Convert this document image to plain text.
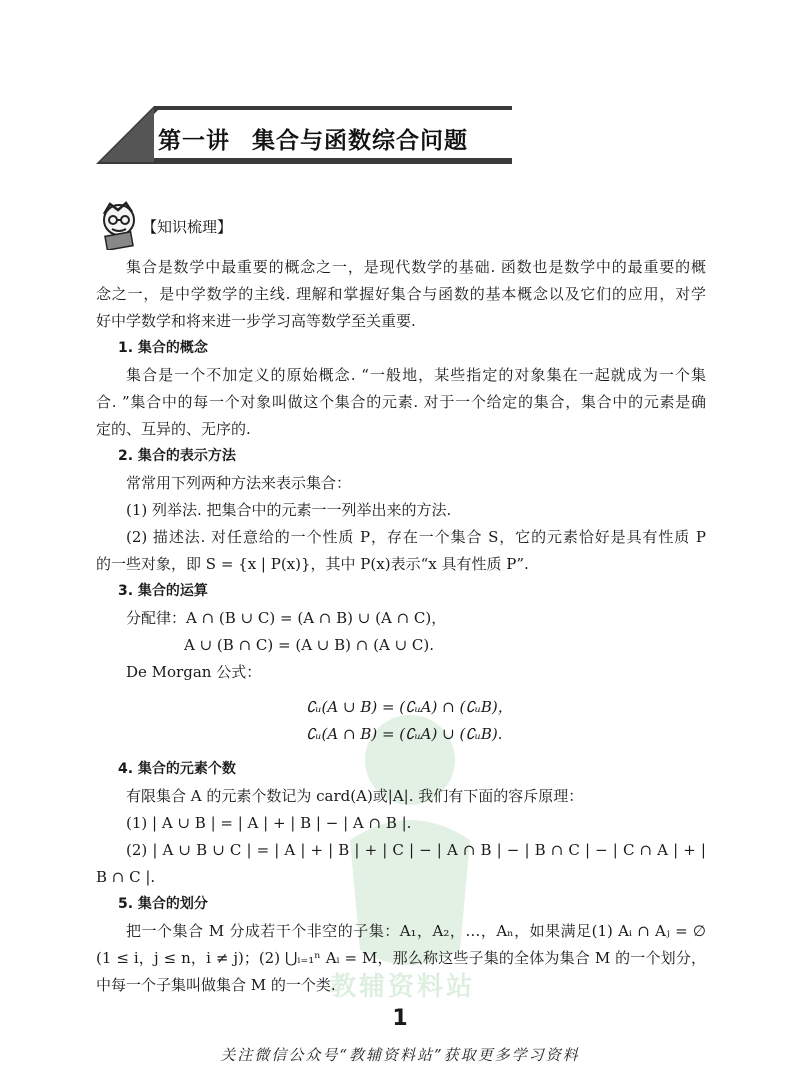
第一讲 集合与函数综合问题
【知识梳理】
教辅资料站
集合是数学中最重要的概念之一，是现代数学的基础. 函数也是数学中的最重要的概
念之一，是中学数学的主线. 理解和掌握好集合与函数的基本概念以及它们的应用，对学
好中学数学和将来进一步学习高等数学至关重要.
1. 集合的概念
集合是一个不加定义的原始概念. “一般地，某些指定的对象集在一起就成为一个集
合. ”集合中的每一个对象叫做这个集合的元素. 对于一个给定的集合，集合中的元素是确
定的、互异的、无序的.
2. 集合的表示方法
常常用下列两种方法来表示集合：
(1) 列举法. 把集合中的元素一一列举出来的方法.
(2) 描述法. 对任意给的一个性质 P，存在一个集合 S，它的元素恰好是具有性质 P
的一些对象，即 S = {x | P(x)}，其中 P(x)表示“x 具有性质 P”.
3. 集合的运算
分配律：A ∩ (B ∪ C) = (A ∩ B) ∪ (A ∩ C)，
A ∪ (B ∩ C) = (A ∪ B) ∩ (A ∪ C).
De Morgan 公式：
∁ᵤ(A ∪ B) = (∁ᵤA) ∩ (∁ᵤB)，
∁ᵤ(A ∩ B) = (∁ᵤA) ∪ (∁ᵤB).
4. 集合的元素个数
有限集合 A 的元素个数记为 card(A)或|A|. 我们有下面的容斥原理：
(1) | A ∪ B | = | A | + | B | − | A ∩ B |.
(2) | A ∪ B ∪ C | = | A | + | B | + | C | − | A ∩ B | − | B ∩ C | − | C ∩ A | + |
B ∩ C |.
5. 集合的划分
把一个集合 M 分成若干个非空的子集：A₁，A₂，…，Aₙ，如果满足(1) Aᵢ ∩ Aⱼ = ∅
(1 ≤ i，j ≤ n，i ≠ j)；(2) ⋃ᵢ₌₁ⁿ Aᵢ = M，那么称这些子集的全体为集合 M 的一个划分，
中每一个子集叫做集合 M 的一个类.
1
关注微信公众号“教辅资料站”获取更多学习资料
